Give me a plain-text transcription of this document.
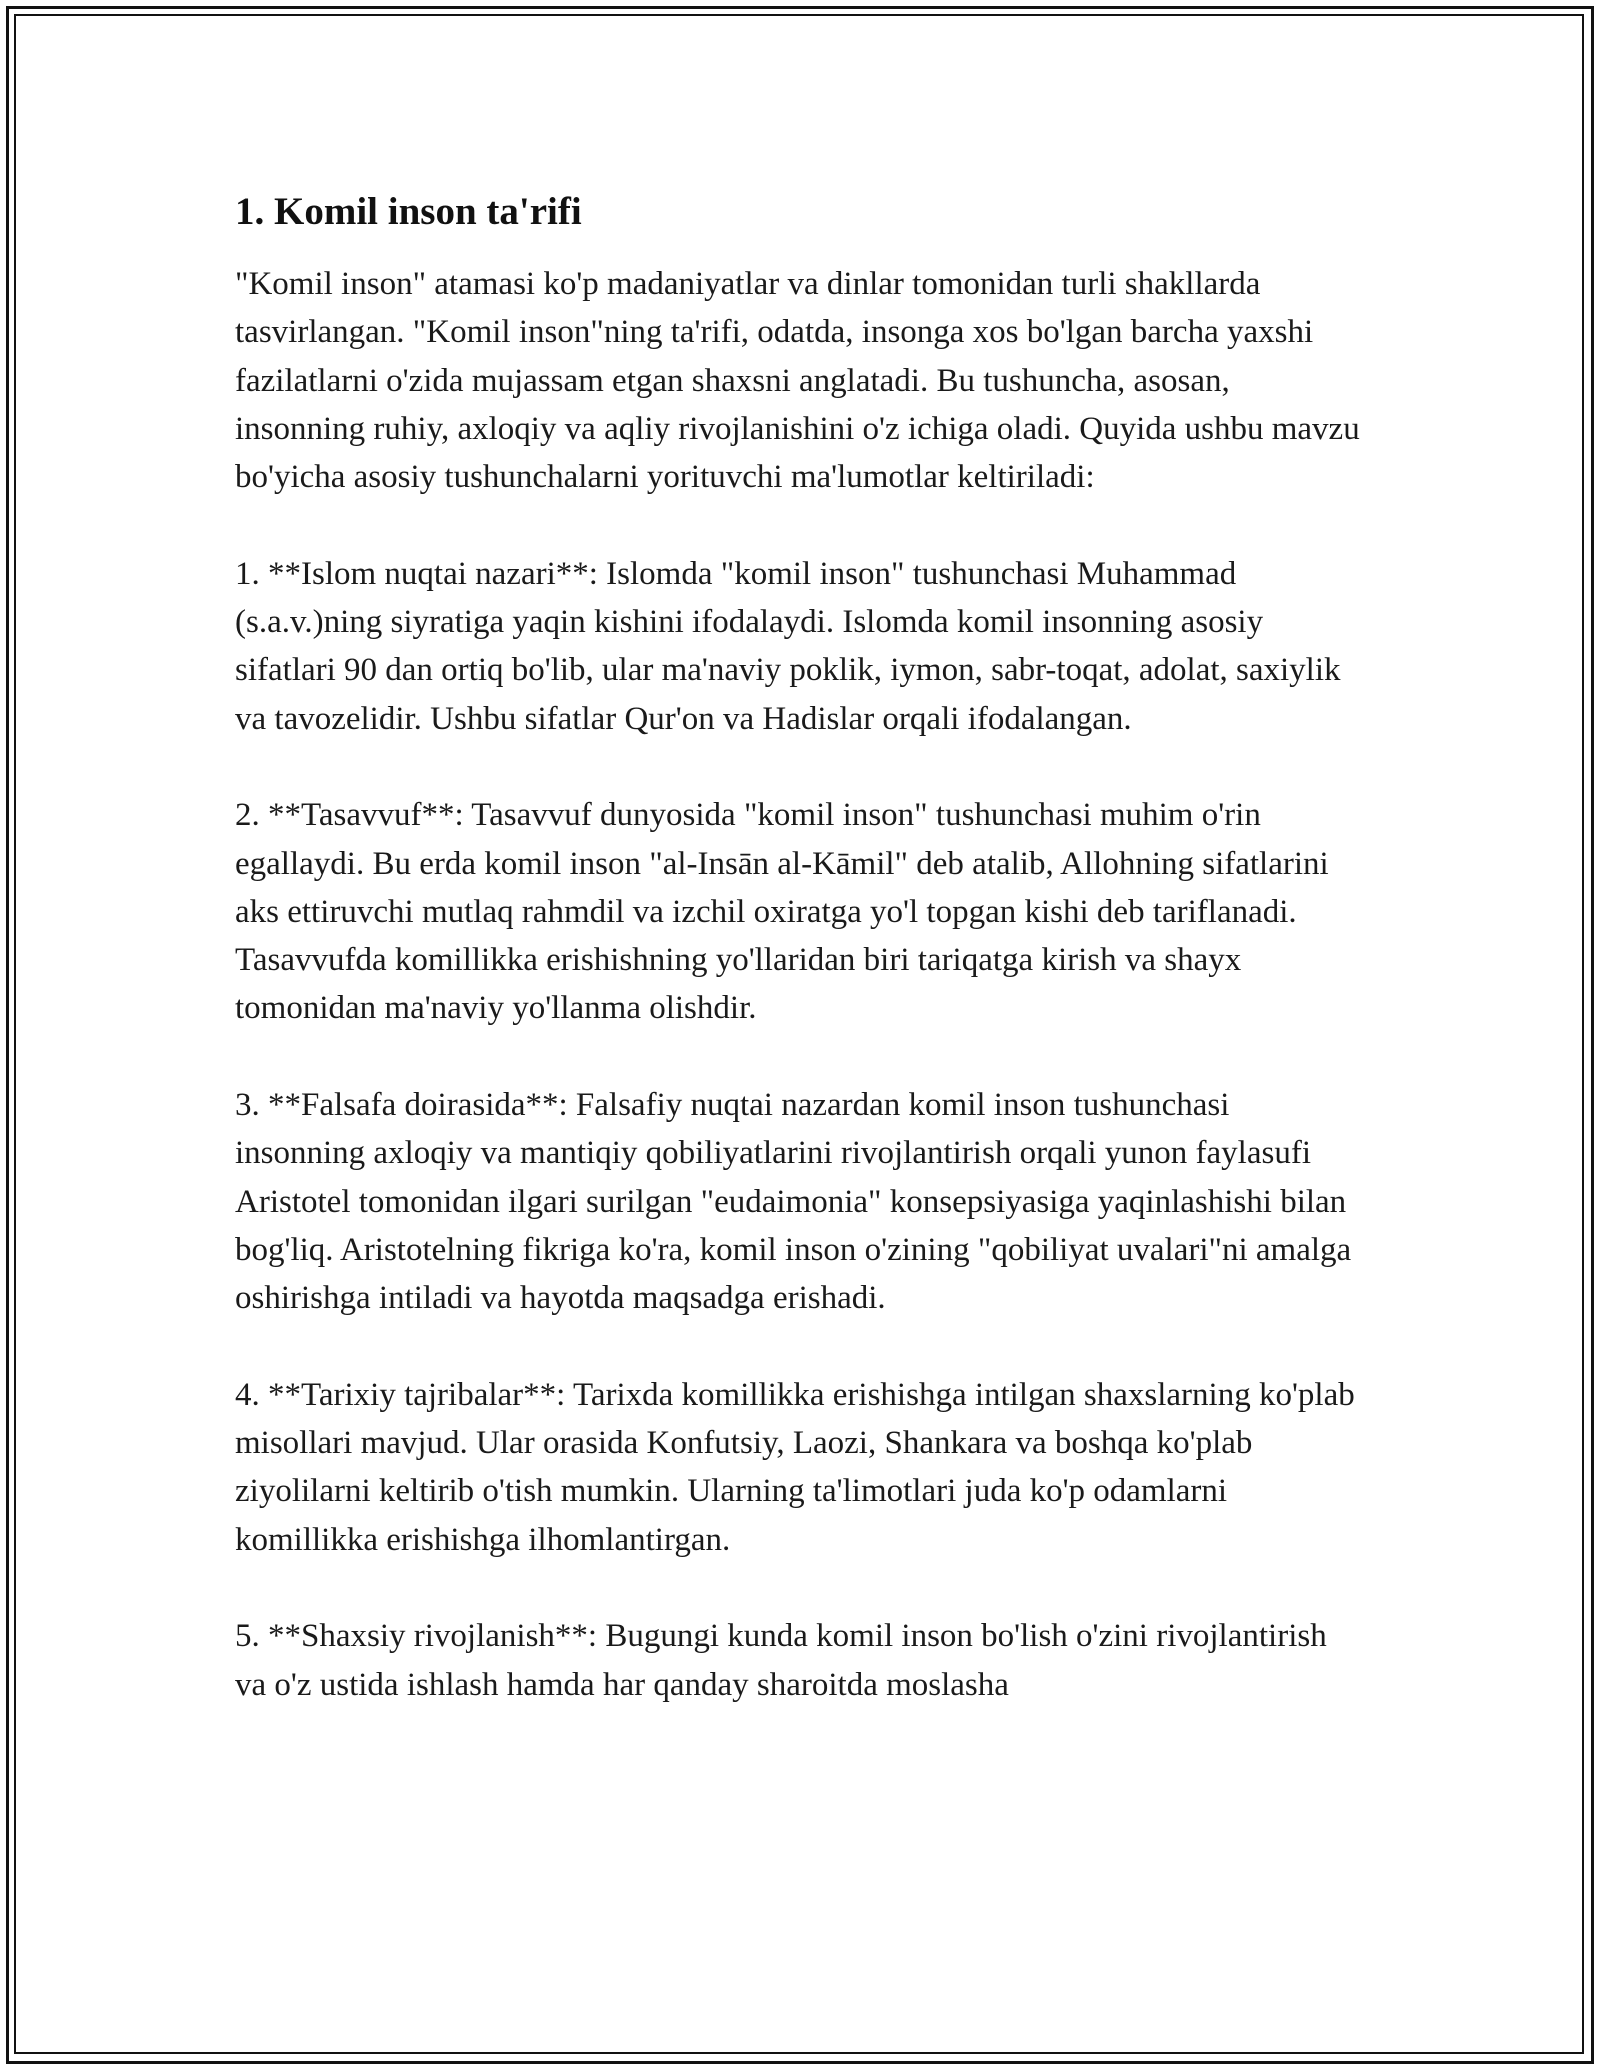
1. Komil inson ta'rifi

"Komil inson" atamasi ko'p madaniyatlar va dinlar tomonidan turli shakllarda tasvirlangan. "Komil inson"ning ta'rifi, odatda, insonga xos bo'lgan barcha yaxshi fazilatlarni o'zida mujassam etgan shaxsni anglatadi. Bu tushuncha, asosan, insonning ruhiy, axloqiy va aqliy rivojlanishini o'z ichiga oladi. Quyida ushbu mavzu bo'yicha asosiy tushunchalarni yorituvchi ma'lumotlar keltiriladi:

1. **Islom nuqtai nazari**: Islomda "komil inson" tushunchasi Muhammad (s.a.v.)ning siyratiga yaqin kishini ifodalaydi. Islomda komil insonning asosiy sifatlari 90 dan ortiq bo'lib, ular ma'naviy poklik, iymon, sabr-toqat, adolat, saxiylik va tavozelidir. Ushbu sifatlar Qur'on va Hadislar orqali ifodalangan.

2. **Tasavvuf**: Tasavvuf dunyosida "komil inson" tushunchasi muhim o'rin egallaydi. Bu erda komil inson "al-Insān al-Kāmil" deb atalib, Allohning sifatlarini aks ettiruvchi mutlaq rahmdil va izchil oxiratga yo'l topgan kishi deb tariflanadi. Tasavvufda komillikka erishishning yo'llaridan biri tariqatga kirish va shayx tomonidan ma'naviy yo'llanma olishdir.

3. **Falsafa doirasida**: Falsafiy nuqtai nazardan komil inson tushunchasi insonning axloqiy va mantiqiy qobiliyatlarini rivojlantirish orqali yunon faylasufi Aristotel tomonidan ilgari surilgan "eudaimonia" konsepsiyasiga yaqinlashishi bilan bog'liq. Aristotelning fikriga ko'ra, komil inson o'zining "qobiliyat uvalari"ni amalga oshirishga intiladi va hayotda maqsadga erishadi.

4. **Tarixiy tajribalar**: Tarixda komillikka erishishga intilgan shaxslarning ko'plab misollari mavjud. Ular orasida Konfutsiy, Laozi, Shankara va boshqa ko'plab ziyolilarni keltirib o'tish mumkin. Ularning ta'limotlari juda ko'p odamlarni komillikka erishishga ilhomlantirgan.

5. **Shaxsiy rivojlanish**: Bugungi kunda komil inson bo'lish o'zini rivojlantirish va o'z ustida ishlash hamda har qanday sharoitda moslasha
